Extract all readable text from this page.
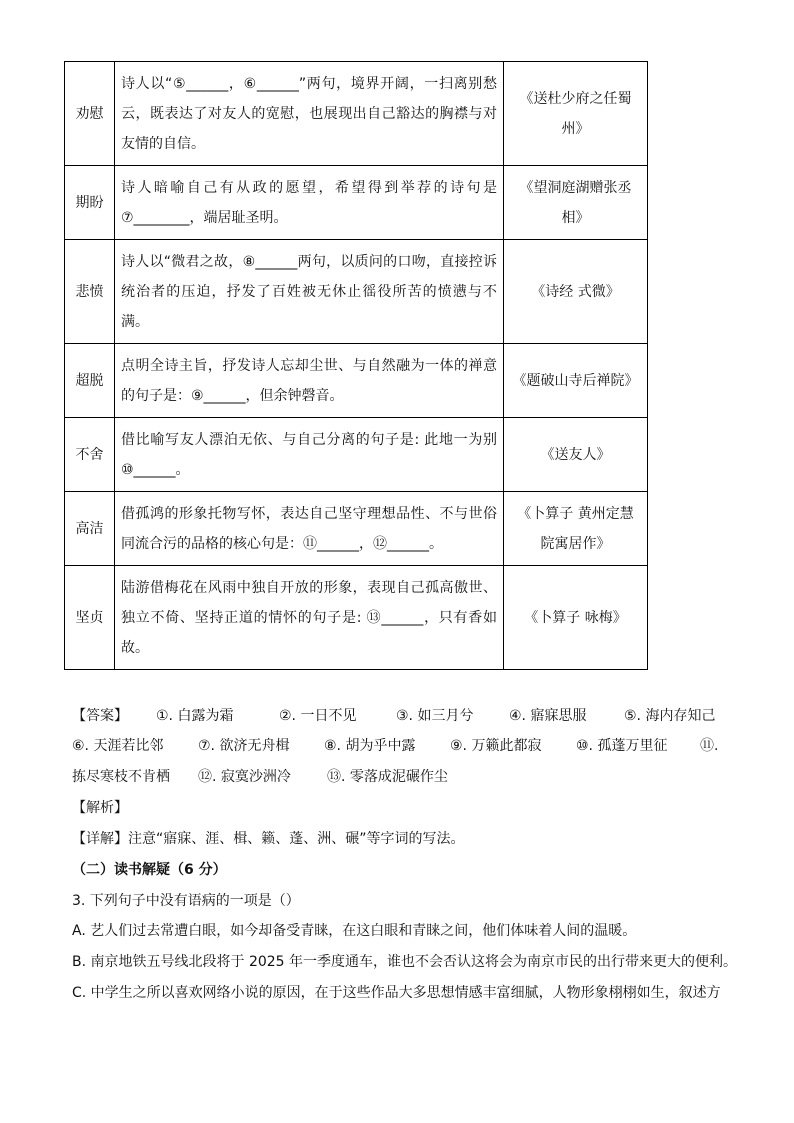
劝慰	诗人以“⑤______，⑥______”两句，境界开阔，一扫离别愁云，既表达了对友人的宽慰，也展现出自己豁达的胸襟与对友情的自信。	《送杜少府之任蜀州》
期盼	诗人暗喻自己有从政的愿望，希望得到举荐的诗句是⑦________，端居耻圣明。	《望洞庭湖赠张丞相》
悲愤	诗人以“微君之故，⑧______两句，以质问的口吻，直接控诉统治者的压迫，抒发了百姓被无休止徭役所苦的愤懑与不满。	《诗经 式微》
超脱	点明全诗主旨，抒发诗人忘却尘世、与自然融为一体的禅意的句子是：⑨______，但余钟磬音。	《题破山寺后禅院》
不舍	借比喻写友人漂泊无依、与自己分离的句子是: 此地一为别⑩______。	《送友人》
高洁	借孤鸿的形象托物写怀，表达自己坚守理想品性、不与世俗同流合污的品格的核心句是：⑪______，⑫______。	《卜算子 黄州定慧院寓居作》
坚贞	陆游借梅花在风雨中独自开放的形象，表现自己孤高傲世、独立不倚、坚持正道的情怀的句子是: ⑬______，只有香如故。	《卜算子 咏梅》
【答案】 ①. 白露为霜	②. 一日不见	③. 如三月兮	④. 寤寐思服	⑤. 海内存知己
⑥. 天涯若比邻 ⑦. 欲济无舟楫 ⑧. 胡为乎中露 ⑨. 万籁此都寂 ⑩. 孤蓬万里征 ⑪.
拣尽寒枝不肯栖 ⑫. 寂寞沙洲冷	⑬. 零落成泥碾作尘
【解析】
【详解】注意“寤寐、涯、楫、籁、蓬、洲、碾”等字词的写法。
（二）读书解疑（6 分）
3. 下列句子中没有语病的一项是（）
A. 艺人们过去常遭白眼，如今却备受青睐，在这白眼和青睐之间，他们体味着人间的温暖。
B. 南京地铁五号线北段将于 2025 年一季度通车，谁也不会否认这将会为南京市民的出行带来更大的便利。
C. 中学生之所以喜欢网络小说的原因，在于这些作品大多思想情感丰富细腻，人物形象栩栩如生，叙述方
